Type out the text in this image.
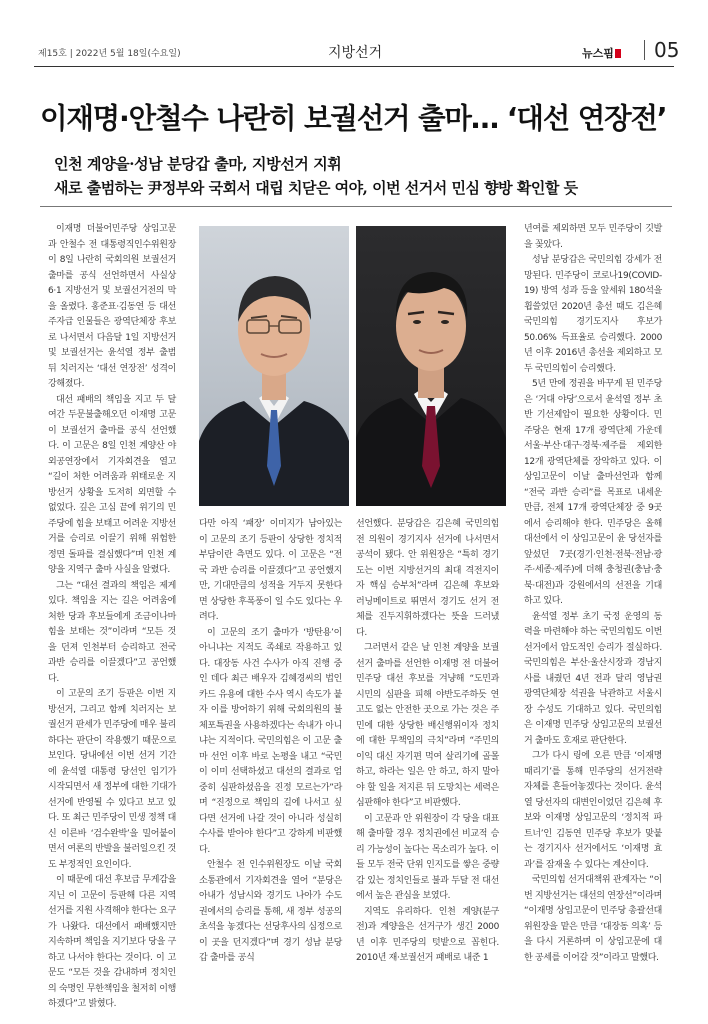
제15호 | 2022년 5월 18일(수요일)	지방선거	뉴스핌	05
이재명·안철수 나란히 보궐선거 출마… ‘대선 연장전’
인천 계양을·성남 분당갑 출마, 지방선거 지휘
새로 출범하는 尹정부와 국회서 대립 치닫은 여야, 이번 선거서 민심 향방 확인할 듯

이재명 더불어민주당 상임고문과 안철수 전 대통령직인수위원장이 8일 나란히 국회의원 보궐선거 출마를 공식 선언하면서 사실상 6·1 지방선거 및 보궐선거전의 막을 올렸다. 홍준표·김동연 등 대선주자급 인물들은 광역단체장 후보로 나서면서 다음달 1일 지방선거 및 보궐선거는 윤석열 정부 출범 뒤 치러지는 ‘대선 연장전’ 성격이 강해졌다.

대선 패배의 책임을 지고 두 달여간 두문불출해오던 이재명 고문이 보궐선거 출마를 공식 선언했다. 이 고문은 8일 인천 계양산 야외공연장에서 기자회견을 열고 “길이 처한 어려움과 위태로운 지방선거 상황을 도저히 외면할 수 없었다. 깊은 고심 끝에 위기의 민주당에 힘을 보태고 어려운 지방선거를 승리로 이끌기 위해 위험한 정면 돌파를 결심했다”며 인천 계양을 지역구 출마 사실을 알렸다.

그는 “대선 결과의 책임은 제게 있다. 책임을 지는 길은 어려움에 처한 당과 후보들에게 조금이나마 힘을 보태는 것”이라며 “모든 것을 던져 인천부터 승리하고 전국 과반 승리를 이끌겠다”고 공언했다.

이 고문의 조기 등판은 이번 지방선거, 그리고 함께 치러지는 보궐선거 판세가 민주당에 매우 불리하다는 판단이 작용했기 때문으로 보인다. 당내에선 이번 선거 기간에 윤석열 대통령 당선인 임기가 시작되면서 새 정부에 대한 기대가 선거에 반영될 수 있다고 보고 있다. 또 최근 민주당이 민생 정책 대신 이른바 ‘검수완박’을 밀어붙이면서 여론의 반발을 불러일으킨 것도 부정적인 요인이다.

이 때문에 대선 후보급 무게감을 지닌 이 고문이 등판해 다른 지역 선거를 지원 사격해야 한다는 요구가 나왔다. 대선에서 패배했지만 지속하며 책임을 지기보다 당을 구하고 나서야 한다는 것이다. 이 고문도 “모든 것을 감내하며 정치인의 숙명인 무한책임을 철저히 이행하겠다”고 밝혔다.

다만 아직 ‘패장’ 이미지가 남아있는 이 고문의 조기 등판이 상당한 정치적 부담이란 측면도 있다. 이 고문은 “전국 과반 승리를 이끌겠다”고 공언했지만, 기대만큼의 성적을 거두지 못한다면 상당한 후폭풍이 일 수도 있다는 우려다.

이 고문의 조기 출마가 ‘방탄용’이 아니냐는 지적도 족쇄로 작용하고 있다. 대장동 사건 수사가 아직 진행 중인 데다 최근 배우자 김혜경씨의 법인카드 유용에 대한 수사 역시 속도가 붙자 이를 방어하기 위해 국회의원의 불체포특권을 사용하겠다는 속내가 아니냐는 지적이다. 국민의힘은 이 고문 출마 선언 이후 바로 논평을 내고 “국민이 이미 선택하셨고 대선의 결과로 엄중히 심판하셨음을 진정 모르는가”라며 “진정으로 책임의 길에 나서고 싶다면 선거에 나갈 것이 아니라 성실히 수사를 받아야 한다”고 강하게 비판했다.

안철수 전 인수위원장도 이날 국회 소통관에서 기자회견을 열어 “분당은 아내가 성남시와 경기도 나아가 수도권에서의 승리를 통해, 새 정부 성공의 초석을 놓겠다는 선당후사의 심정으로 이 곳을 던지겠다”며 경기 성남 분당갑 출마를 공식

선언했다. 분당갑은 김은혜 국민의힘 전 의원이 경기지사 선거에 나서면서 공석이 됐다. 안 위원장은 “특히 경기도는 이번 지방선거의 최대 격전지이자 핵심 승부처”라며 김은혜 후보와 러닝메이트로 뛰면서 경기도 선거 전체를 진두지휘하겠다는 뜻을 드러냈다.

그러면서 같은 날 인천 계양을 보궐선거 출마를 선언한 이재명 전 더불어민주당 대선 후보를 겨냥해 “도민과 시민의 심판을 피해 야반도주하듯 연고도 없는 안전한 곳으로 가는 것은 주민에 대한 상당한 배신행위이자 정치에 대한 무책임의 극치”라며 “주민의 이익 대신 자기편 먹여 살리기에 골몰하고, 하라는 일은 안 하고, 하지 말아야 할 일을 저지른 뒤 도망치는 세력은 심판해야 한다”고 비판했다.

이 고문과 안 위원장이 각 당을 대표해 출마할 경우 정치권에선 비교적 승리 가능성이 높다는 목소리가 높다. 이들 모두 전국 단위 인지도를 쌓은 중량감 있는 정치인들로 불과 두달 전 대선에서 높은 관심을 보였다.

지역도 유리하다. 인천 계양(분구 전)과 계양을은 선거구가 생긴 2000년 이후 민주당의 텃밭으로 꼽힌다. 2010년 재·보궐선거 패배로 내준 1

년여를 제외하면 모두 민주당이 깃발을 꽂았다.

성남 분당갑은 국민의힘 강세가 전망된다. 민주당이 코로나19(COVID-19) 방역 성과 등을 앞세워 180석을 휩쓸었던 2020년 총선 때도 김은혜 국민의힘 경기도지사 후보가 50.06% 득표율로 승리했다. 2000년 이후 2016년 총선을 제외하고 모두 국민의힘이 승리했다.

5년 만에 정권을 바꾸게 된 민주당은 ‘거대 야당’으로서 윤석열 정부 초반 기선제압이 필요한 상황이다. 민주당은 현재 17개 광역단체 가운데 서울·부산·대구·경북·제주를 제외한 12개 광역단체를 장악하고 있다. 이 상임고문이 이날 출마선언과 함께 “전국 과반 승리”를 목표로 내세운 만큼, 전체 17개 광역단체장 중 9곳에서 승리해야 한다. 민주당은 올해 대선에서 이 상임고문이 윤 당선자를 앞섰던 7곳(경기·인천·전북·전남·광주·세종·제주)에 더해 충청권(충남·충북·대전)과 강원에서의 선전을 기대하고 있다.

윤석열 정부 초기 국정 운영의 동력을 마련해야 하는 국민의힘도 이번 선거에서 압도적인 승리가 절실하다. 국민의힘은 부산·울산시장과 경남지사를 내줬던 4년 전과 달리 영남권 광역단체장 석권을 낙관하고 서울시장 수성도 기대하고 있다. 국민의힘은 이재명 민주당 상임고문의 보궐선거 출마도 호재로 판단한다.

그가 다시 링에 오른 만큼 ‘이재명 때리기’를 통해 민주당의 선거전략 자체를 흔들어놓겠다는 것이다. 윤석열 당선자의 대변인이었던 김은혜 후보와 이재명 상임고문의 ‘정치적 파트너’인 김동연 민주당 후보가 맞붙는 경기지사 선거에서도 ‘이재명 효과’를 잠재울 수 있다는 계산이다.

국민의힘 선거대책위 관계자는 “이번 지방선거는 대선의 연장선”이라며 “이재명 상임고문이 민주당 총괄선대위원장을 맡은 만큼 ‘대장동 의혹’ 등을 다시 거론하며 이 상임고문에 대한 공세를 이어갈 것”이라고 말했다.
